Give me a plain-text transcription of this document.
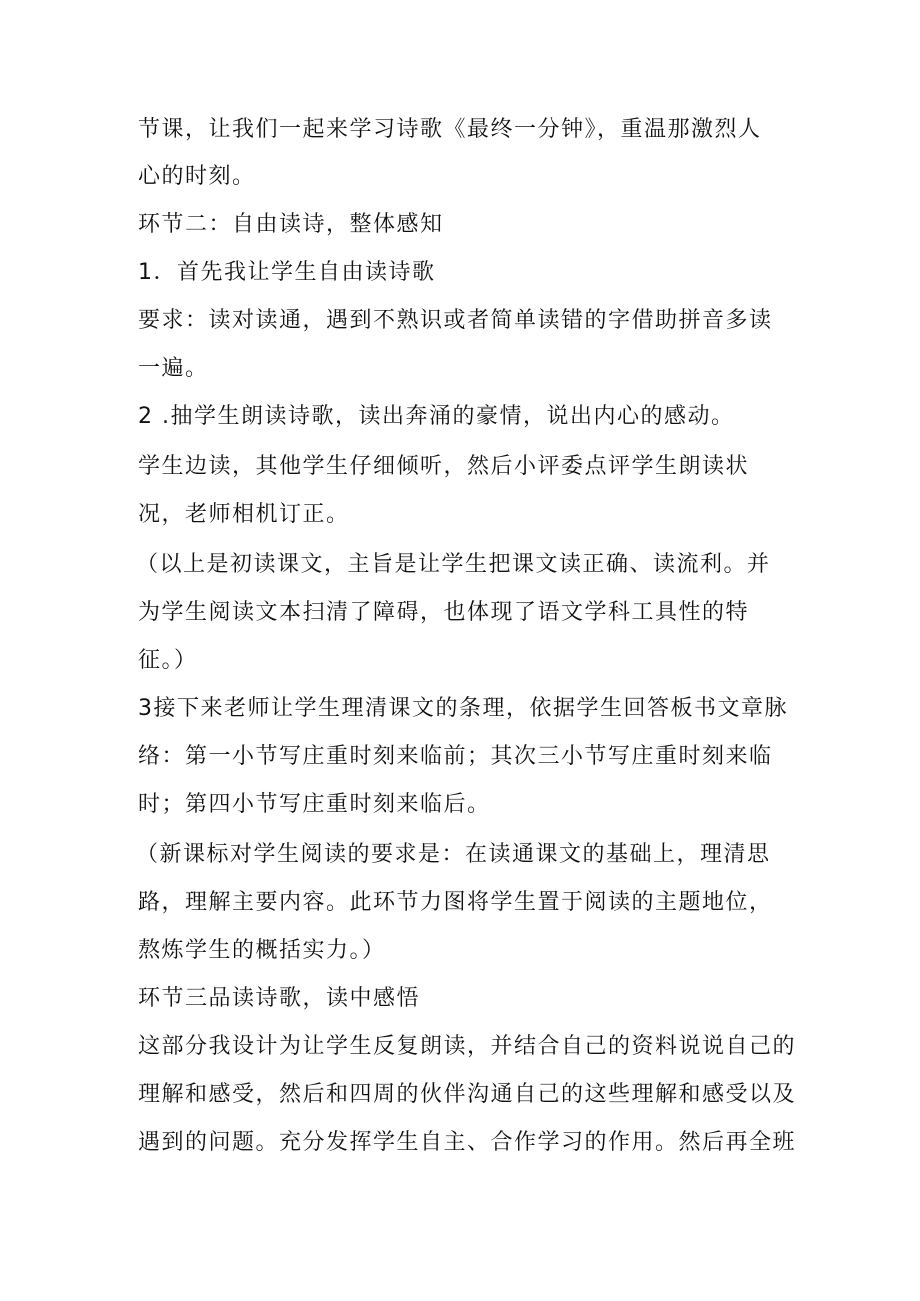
节课，让我们一起来学习诗歌《最终一分钟》，重温那激烈人
心的时刻。
环节二：自由读诗，整体感知
1．首先我让学生自由读诗歌
要求：读对读通，遇到不熟识或者简单读错的字借助拼音多读
一遍。
2 .抽学生朗读诗歌，读出奔涌的豪情，说出内心的感动。
学生边读，其他学生仔细倾听，然后小评委点评学生朗读状
况，老师相机订正。
（以上是初读课文，主旨是让学生把课文读正确、读流利。并
为学生阅读文本扫清了障碍，也体现了语文学科工具性的特
征。）
3接下来老师让学生理清课文的条理，依据学生回答板书文章脉
络：第一小节写庄重时刻来临前；其次三小节写庄重时刻来临
时；第四小节写庄重时刻来临后。
（新课标对学生阅读的要求是：在读通课文的基础上，理清思
路，理解主要内容。此环节力图将学生置于阅读的主题地位，
熬炼学生的概括实力。）
环节三品读诗歌，读中感悟
这部分我设计为让学生反复朗读，并结合自己的资料说说自己的
理解和感受，然后和四周的伙伴沟通自己的这些理解和感受以及
遇到的问题。充分发挥学生自主、合作学习的作用。然后再全班
